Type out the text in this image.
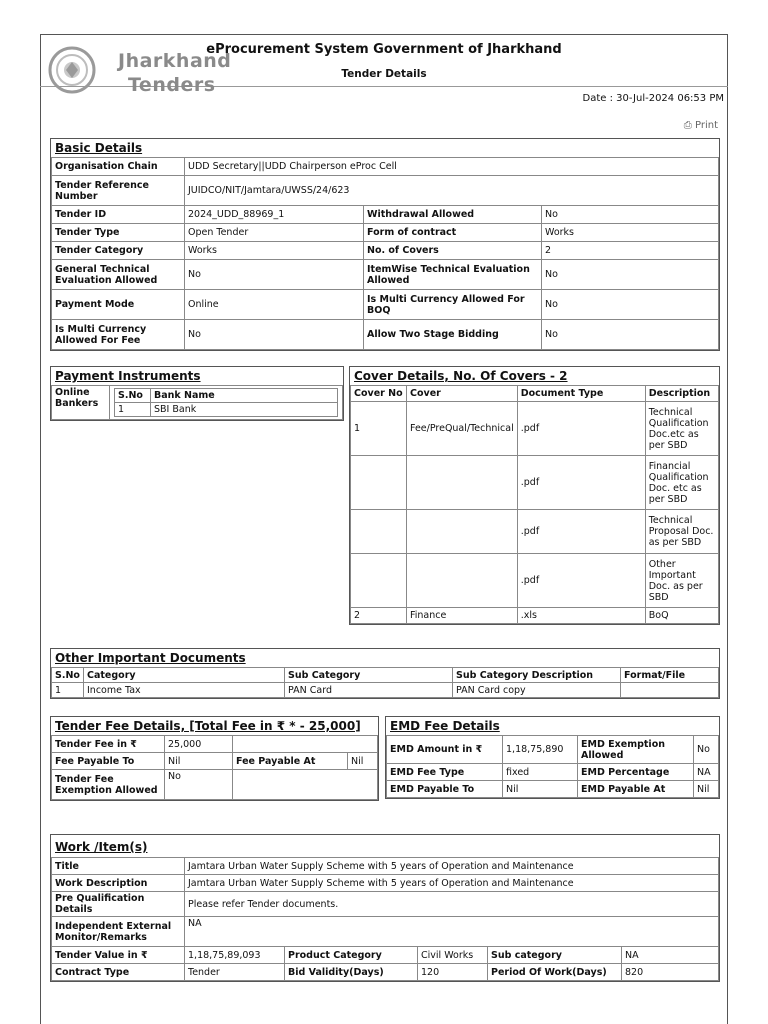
Jharkhand
Tenders
eProcurement System Government of Jharkhand
Tender Details
Date : 30-Jul-2024 06:53 PM
⎙ Print
Basic Details
Organisation Chain	UDD Secretary||UDD Chairperson eProc Cell		
Tender Reference Number	JUIDCO/NIT/Jamtara/UWSS/24/623		
Tender ID	2024_UDD_88969_1	Withdrawal Allowed	No
Tender Type	Open Tender	Form of contract	Works
Tender Category	Works	No. of Covers	2
General Technical Evaluation Allowed	No	ItemWise Technical Evaluation Allowed	No
Payment Mode	Online	Is Multi Currency Allowed For BOQ	No
Is Multi Currency Allowed For Fee	No	Allow Two Stage Bidding	No
Payment Instruments
Online Bankers	
S.No	Bank Name
1	SBI Bank
Cover Details, No. Of Covers - 2
Cover No	Cover	Document Type	Description
1	Fee/PreQual/Technical	.pdf	Technical Qualification Doc.etc as per SBD
		.pdf	Financial Qualification Doc. etc as per SBD
		.pdf	Technical Proposal Doc. as per SBD
		.pdf	Other Important Doc. as per SBD
2	Finance	.xls	BoQ
Other Important Documents
S.No	Category	Sub Category	Sub Category Description	Format/File
1	Income Tax	PAN Card	PAN Card copy	
Tender Fee Details, [Total Fee in ₹ * - 25,000]
Tender Fee in ₹	25,000		
Fee Payable To	Nil	Fee Payable At	Nil
Tender Fee Exemption Allowed	No		
EMD Fee Details
EMD Amount in ₹	1,18,75,890	EMD Exemption Allowed	No
EMD Fee Type	fixed	EMD Percentage	NA
EMD Payable To	Nil	EMD Payable At	Nil
Work /Item(s)
Title	Jamtara Urban Water Supply Scheme with 5 years of Operation and Maintenance				
Work Description	Jamtara Urban Water Supply Scheme with 5 years of Operation and Maintenance				
Pre Qualification Details	Please refer Tender documents.				
Independent External Monitor/Remarks	NA				
Tender Value in ₹	1,18,75,89,093	Product Category	Civil Works	Sub category	NA
Contract Type	Tender	Bid Validity(Days)	120	Period Of Work(Days)	820
